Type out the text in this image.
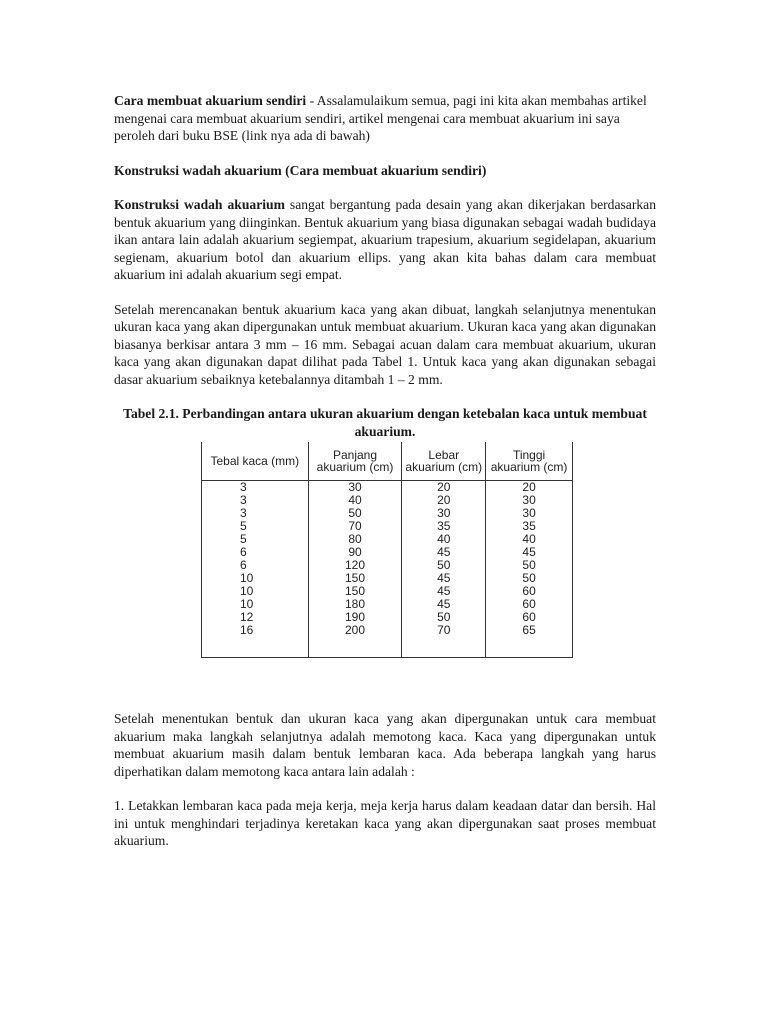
Cara membuat akuarium sendiri - Assalamulaikum semua, pagi ini kita akan membahas artikel mengenai cara membuat akuarium sendiri, artikel mengenai cara membuat akuarium ini saya peroleh dari buku BSE (link nya ada di bawah)

Konstruksi wadah akuarium (Cara membuat akuarium sendiri)

Konstruksi wadah akuarium sangat bergantung pada desain yang akan dikerjakan berdasarkan bentuk akuarium yang diinginkan. Bentuk akuarium yang biasa digunakan sebagai wadah budidaya ikan antara lain adalah akuarium segiempat, akuarium trapesium, akuarium segidelapan, akuarium segienam, akuarium botol dan akuarium ellips. yang akan kita bahas dalam cara membuat akuarium ini adalah akuarium segi empat.

Setelah merencanakan bentuk akuarium kaca yang akan dibuat, langkah selanjutnya menentukan ukuran kaca yang akan dipergunakan untuk membuat akuarium. Ukuran kaca yang akan digunakan biasanya berkisar antara 3 mm – 16 mm. Sebagai acuan dalam cara membuat akuarium, ukuran kaca yang akan digunakan dapat dilihat pada Tabel 1. Untuk kaca yang akan digunakan sebagai dasar akuarium sebaiknya ketebalannya ditambah 1 – 2 mm.

Tabel 2.1. Perbandingan antara ukuran akuarium dengan ketebalan kaca untuk membuat akuarium.

Tebal kaca (mm)	Panjang akuarium (cm)	Lebar akuarium (cm)	Tinggi akuarium (cm)
3	30	20	20
3	40	20	30
3	50	30	30
5	70	35	35
5	80	40	40
6	90	45	45
6	120	50	50
10	150	45	50
10	150	45	60
10	180	45	60
12	190	50	60
16	200	70	65

Setelah menentukan bentuk dan ukuran kaca yang akan dipergunakan untuk cara membuat akuarium maka langkah selanjutnya adalah memotong kaca. Kaca yang dipergunakan untuk membuat akuarium masih dalam bentuk lembaran kaca. Ada beberapa langkah yang harus diperhatikan dalam memotong kaca antara lain adalah :

1. Letakkan lembaran kaca pada meja kerja, meja kerja harus dalam keadaan datar dan bersih. Hal ini untuk menghindari terjadinya keretakan kaca yang akan dipergunakan saat proses membuat akuarium.
